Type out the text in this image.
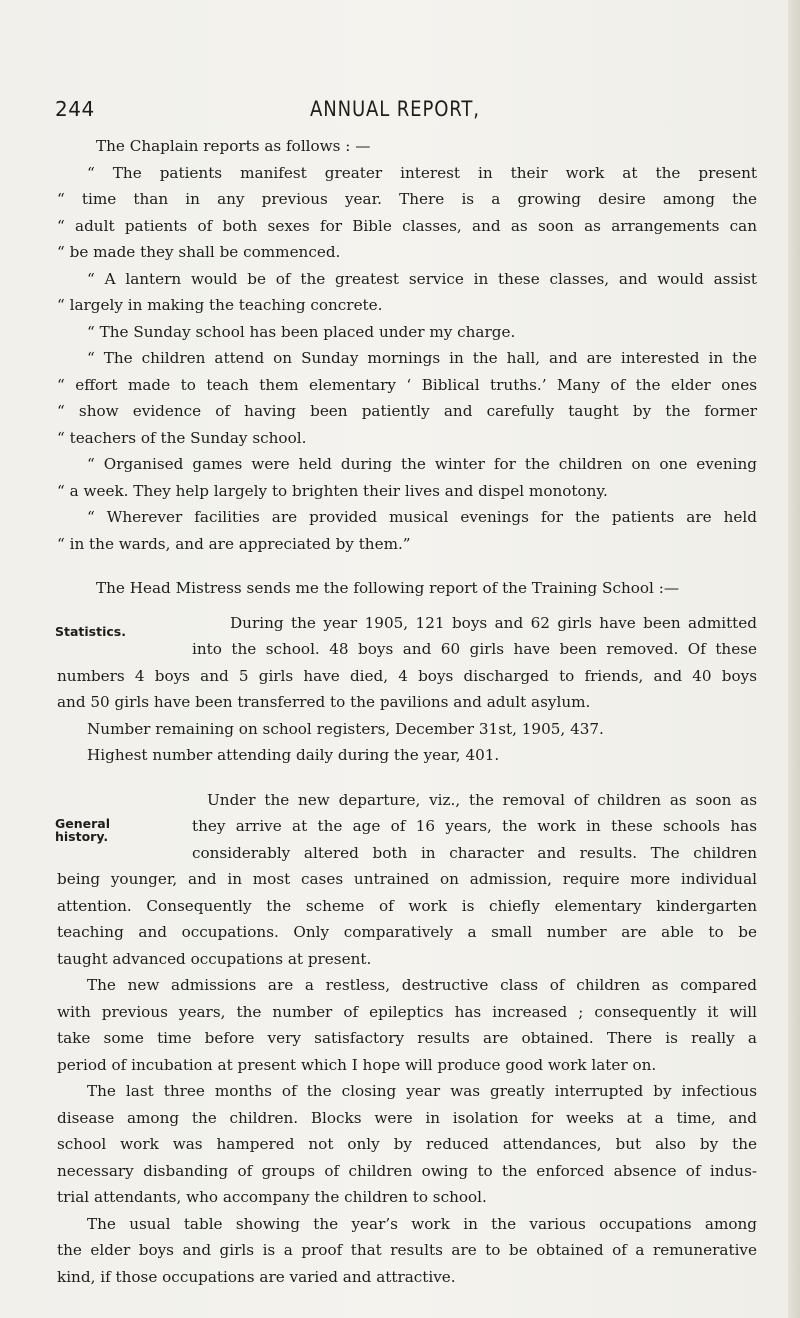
244	ANNUAL REPORT,
The Chaplain reports as follows : —
“ The patients manifest greater interest in their work at the present
“ time than in any previous year. There is a growing desire among the
“ adult patients of both sexes for Bible classes, and as soon as arrangements can
“ be made they shall be commenced.
“ A lantern would be of the greatest service in these classes, and would assist
“ largely in making the teaching concrete.
“ The Sunday school has been placed under my charge.
“ The children attend on Sunday mornings in the hall, and are interested in the
“ effort made to teach them elementary ‘ Biblical truths.’ Many of the elder ones
“ show evidence of having been patiently and carefully taught by the former
“ teachers of the Sunday school.
“ Organised games were held during the winter for the children on one evening
“ a week. They help largely to brighten their lives and dispel monotony.
“ Wherever facilities are provided musical evenings for the patients are held
“ in the wards, and are appreciated by them.”
The Head Mistress sends me the following report of the Training School :—
Statistics.	During the year 1905, 121 boys and 62 girls have been admitted
into the school. 48 boys and 60 girls have been removed. Of these
numbers 4 boys and 5 girls have died, 4 boys discharged to friends, and 40 boys
and 50 girls have been transferred to the pavilions and adult asylum.
Number remaining on school registers, December 31st, 1905, 437.
Highest number attending daily during the year, 401.
General
history.
Under the new departure, viz., the removal of children as soon as
they arrive at the age of 16 years, the work in these schools has
considerably altered both in character and results. The children
being younger, and in most cases untrained on admission, require more individual
attention. Consequently the scheme of work is chiefly elementary kindergarten
teaching and occupations. Only comparatively a small number are able to be
taught advanced occupations at present.
The new admissions are a restless, destructive class of children as compared
with previous years, the number of epileptics has increased ; consequently it will
take some time before very satisfactory results are obtained. There is really a
period of incubation at present which I hope will produce good work later on.
The last three months of the closing year was greatly interrupted by infectious
disease among the children. Blocks were in isolation for weeks at a time, and
school work was hampered not only by reduced attendances, but also by the
necessary disbanding of groups of children owing to the enforced absence of indus-
trial attendants, who accompany the children to school.
The usual table showing the year’s work in the various occupations among
the elder boys and girls is a proof that results are to be obtained of a remunerative
kind, if those occupations are varied and attractive.
